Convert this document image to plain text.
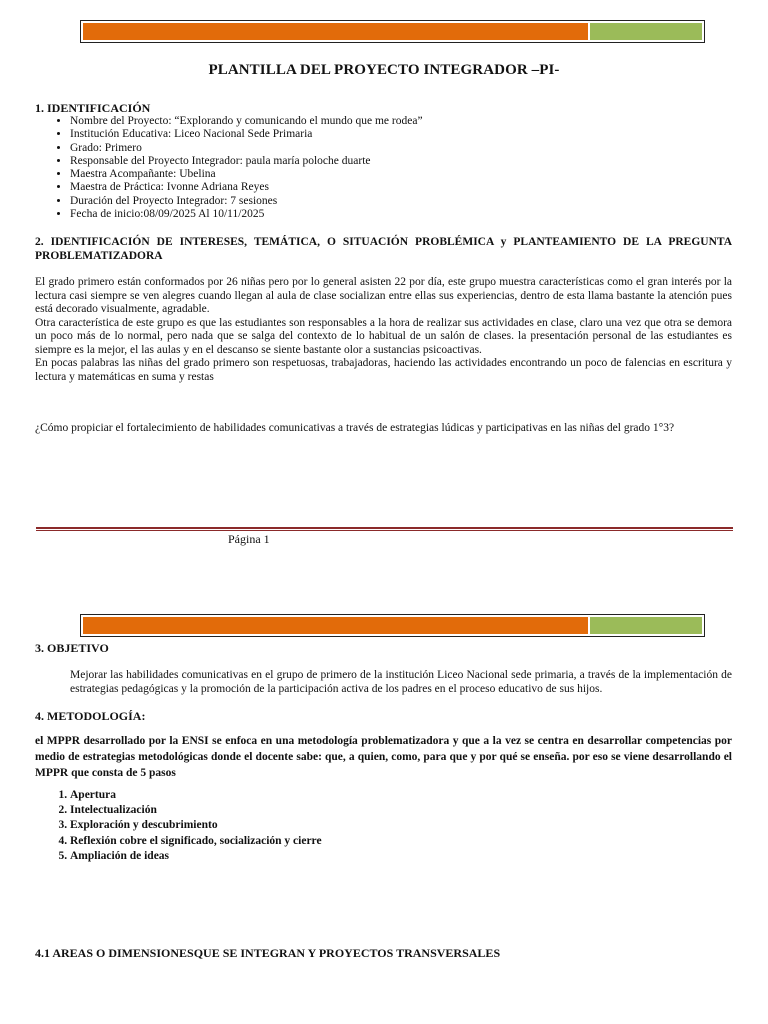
PLANTILLA DEL PROYECTO INTEGRADOR –PI-
1. IDENTIFICACIÓN
• Nombre del Proyecto: “Explorando y comunicando el mundo que me rodea”
• Institución Educativa: Liceo Nacional Sede Primaria
• Grado: Primero
• Responsable del Proyecto Integrador: paula maría poloche duarte
• Maestra Acompañante: Ubelina
• Maestra de Práctica: Ivonne Adriana Reyes
• Duración del Proyecto Integrador: 7 sesiones
• Fecha de inicio:08/09/2025 Al 10/11/2025
2. IDENTIFICACIÓN DE INTERESES, TEMÁTICA, O SITUACIÓN PROBLÉMICA y PLANTEAMIENTO DE LA PREGUNTA PROBLEMATIZADORA

El grado primero están conformados por 26 niñas pero por lo general asisten 22 por día, este grupo muestra características como el gran interés por la lectura casi siempre se ven alegres cuando llegan al aula de clase socializan entre ellas sus experiencias, dentro de esta llama bastante la atención pues está decorado visualmente, agradable.

Otra característica de este grupo es que las estudiantes son responsables a la hora de realizar sus actividades en clase, claro una vez que otra se demora un poco más de lo normal, pero nada que se salga del contexto de lo habitual de un salón de clases. la presentación personal de las estudiantes es siempre es la mejor, el las aulas y en el descanso se siente bastante olor a sustancias psicoactivas.

En pocas palabras las niñas del grado primero son respetuosas, trabajadoras, haciendo las actividades encontrando un poco de falencias en escritura y lectura y matemáticas en suma y restas

¿Cómo propiciar el fortalecimiento de habilidades comunicativas a través de estrategias lúdicas y participativas en las niñas del grado 1°3?
Página 1
3. OBJETIVO
Mejorar las habilidades comunicativas en el grupo de primero de la institución Liceo Nacional sede primaria, a través de la implementación de estrategias pedagógicas y la promoción de la participación activa de los padres en el proceso educativo de sus hijos.
4. METODOLOGÍA:
el MPPR desarrollado por la ENSI se enfoca en una metodología problematizadora y que a la vez se centra en desarrollar competencias por medio de estrategias metodológicas donde el docente sabe: que, a quien, como, para que y por qué se enseña. por eso se viene desarrollando el MPPR que consta de 5 pasos
1. Apertura
2. Intelectualización
3. Exploración y descubrimiento
4. Reflexión cobre el significado, socialización y cierre
5. Ampliación de ideas
4.1 AREAS O DIMENSIONESQUE SE INTEGRAN Y PROYECTOS TRANSVERSALES
